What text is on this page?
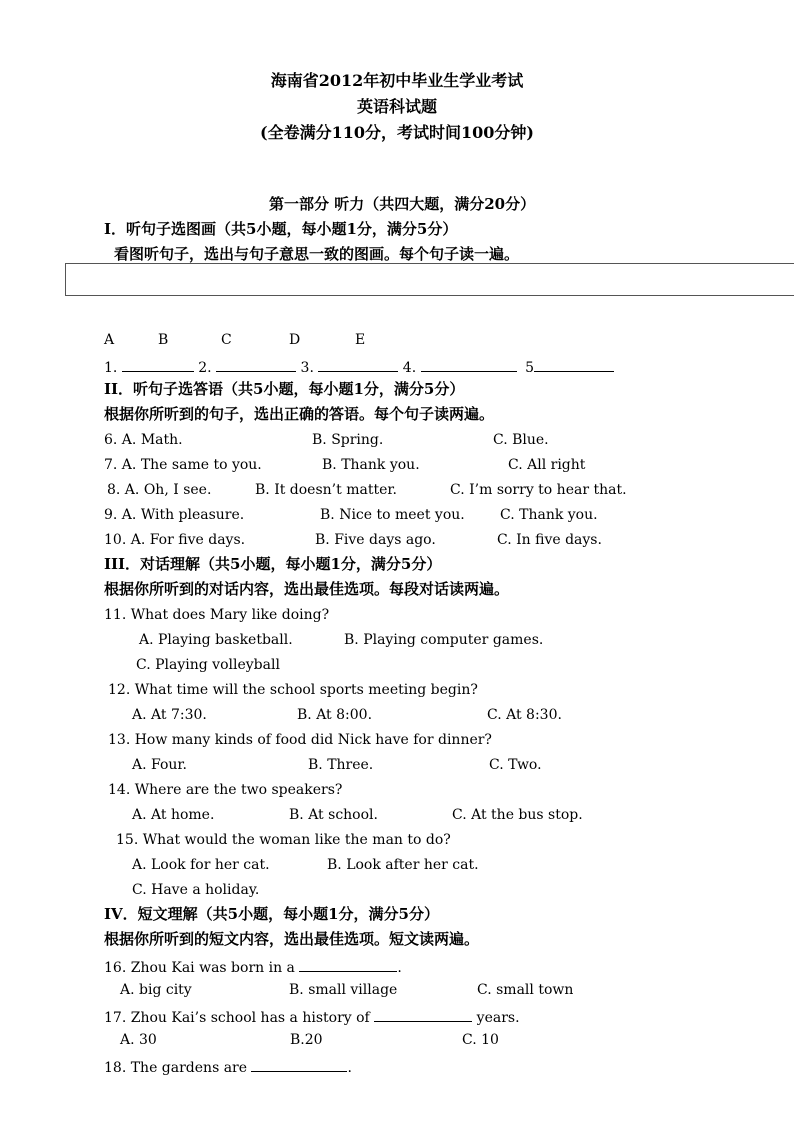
海南省2012年初中毕业生学业考试
英语科试题
(全卷满分110分，考试时间100分钟)
第一部分 听力（共四大题，满分20分）
I．听句子选图画（共5小题，每小题1分，满分5分）
看图听句子，选出与句子意思一致的图画。每个句子读一遍。
A	B	C	D	E
1.	2.	3.	4.	5
II．听句子选答语（共5小题，每小题1分，满分5分）
根据你所听到的句子，选出正确的答语。每个句子读两遍。
6. A. Math.	B. Spring.	C. Blue.
7. A. The same to you.	B. Thank you.	C. All right
8. A. Oh, I see.	B. It doesn’t matter.	C. I’m sorry to hear that.
9. A. With pleasure.	B. Nice to meet you.	C. Thank you.
10. A. For five days.	B. Five days ago.	C. In five days.
III．对话理解（共5小题，每小题1分，满分5分）
根据你所听到的对话内容，选出最佳选项。每段对话读两遍。
11. What does Mary like doing?
A. Playing basketball.	B. Playing computer games.
C. Playing volleyball
12. What time will the school sports meeting begin?
A. At 7:30.	B. At 8:00.	C. At 8:30.
13. How many kinds of food did Nick have for dinner?
A. Four.	B. Three.	C. Two.
14. Where are the two speakers?
A. At home.	B. At school.	C. At the bus stop.
15. What would the woman like the man to do?
A. Look for her cat.	B. Look after her cat.
C. Have a holiday.
IV．短文理解（共5小题，每小题1分，满分5分）
根据你所听到的短文内容，选出最佳选项。短文读两遍。
16. Zhou Kai was born in a	.
A. big city	B. small village	C. small town
17. Zhou Kai’s school has a history of	years.
A. 30	B.20	C. 10
18. The gardens are	.
